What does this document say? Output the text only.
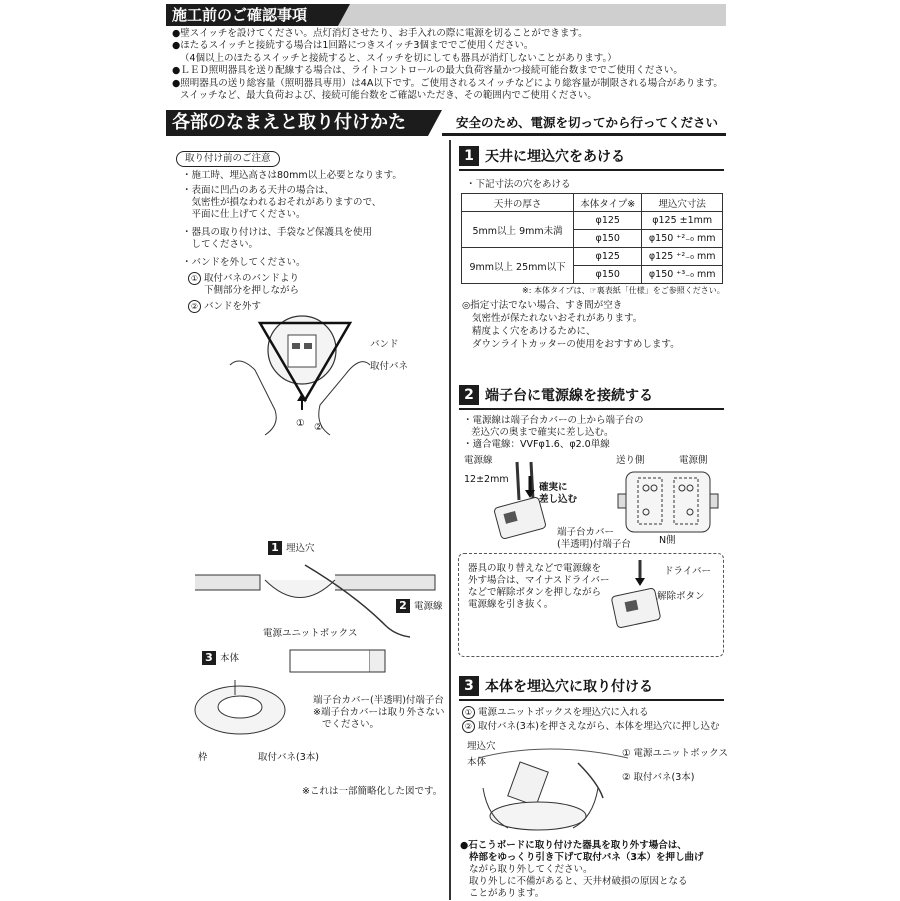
施工前のご確認事項
●壁スイッチを設けてください。点灯消灯させたり、お手入れの際に電源を切ることができます。
●ほたるスイッチと接続する場合は1回路につきスイッチ3個まででご使用ください。
（4個以上のほたるスイッチと接続すると、スイッチを切にしても器具が消灯しないことがあります。）
●ＬＥＤ照明器具を送り配線する場合は、ライトコントロールの最大負荷容量かつ接続可能台数まででご使用ください。
●照明器具の送り総容量（照明器具専用）は4A以下です。ご使用されるスイッチなどにより総容量が制限される場合があります。
スイッチなど、最大負荷および、接続可能台数をご確認いただき、その範囲内でご使用ください。
各部のなまえと取り付けかた	安全のため、電源を切ってから行ってください
取り付け前のご注意
・施工時、埋込高さは80mm以上必要となります。
・表面に凹凸のある天井の場合は、
　気密性が損なわれるおそれがありますので、
　平面に仕上げてください。
・器具の取り付けは、手袋など保護具を使用
　してください。
・バンドを外してください。
① 取付バネのバンドより
下側部分を押しながら
② バンドを外す
バンド
取付バネ
① ②
1 埋込穴
2 電源線
電源ユニットボックス
3 本体
端子台カバー(半透明)付端子台
※端子台カバーは取り外さない
でください。
枠	取付バネ(3本)
※これは一部簡略化した図です。
1 天井に埋込穴をあける
・下記寸法の穴をあける
天井の厚さ	本体タイプ※	埋込穴寸法
5mm以上 9mm未満	φ125	φ125 ±1mm
	φ150	φ150 ⁺²₋₀ mm
9mm以上 25mm以下	φ125	φ125 ⁺²₋₀ mm
	φ150	φ150 ⁺³₋₀ mm
※: 本体タイプは、☞裏表紙「仕様」をご参照ください。
◎指定寸法でない場合、すき間が空き
気密性が保たれないおそれがあります。
精度よく穴をあけるために、
ダウンライトカッターの使用をおすすめします。
2 端子台に電源線を接続する
・電源線は端子台カバーの上から端子台の
差込穴の奥まで確実に差し込む。
・適合電線：VVFφ1.6、φ2.0単線
電源線
12±2mm
確実に
差し込む
送り側	電源側
端子台カバー
(半透明)付端子台	N側
器具の取り替えなどで電源線を
外す場合は、マイナスドライバー
などで解除ボタンを押しながら
電源線を引き抜く。
ドライバー
解除ボタン
3 本体を埋込穴に取り付ける
① 電源ユニットボックスを埋込穴に入れる
② 取付バネ(3本)を押さえながら、本体を埋込穴に押し込む
埋込穴
本体
① 電源ユニットボックス
② 取付バネ(3本)
●石こうボードに取り付けた器具を取り外す場合は、
枠部をゆっくり引き下げて取付バネ（3本）を押し曲げ
ながら取り外してください。
取り外しに不備があると、天井材破損の原因となる
ことがあります。
